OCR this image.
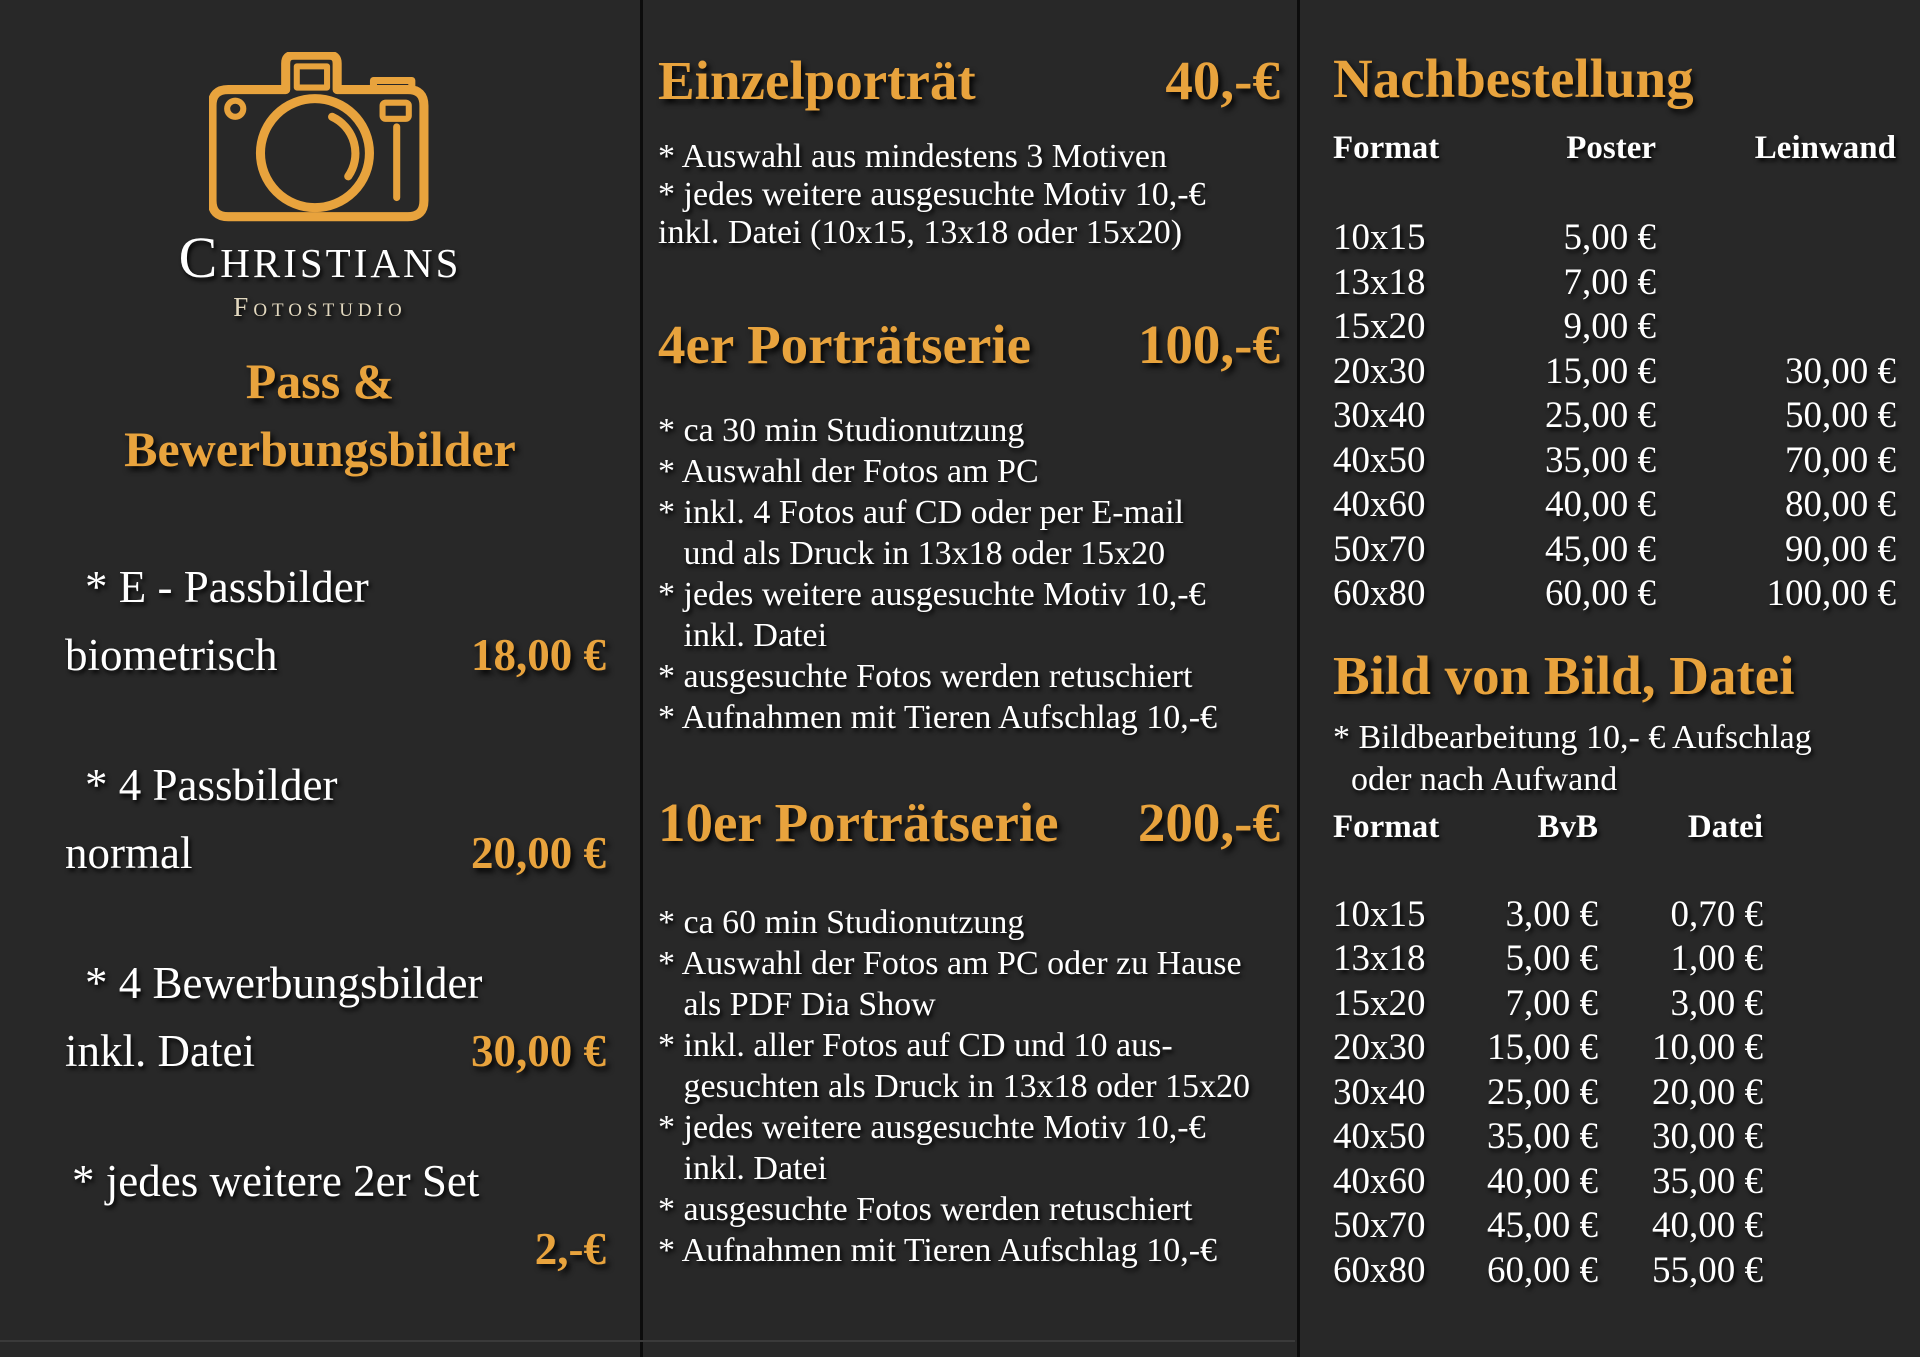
Christians
Fotostudio
Pass &
Bewerbungsbilder
* E - Passbilder
biometrisch	18,00 €
* 4 Passbilder
normal	20,00 €
* 4 Bewerbungsbilder
inkl. Datei	30,00 €
* jedes weitere 2er Set
2,-€
Einzelporträt	40,-€
* Auswahl aus mindestens 3 Motiven
* jedes weitere ausgesuchte Motiv 10,-€
inkl. Datei (10x15, 13x18 oder 15x20)
4er Porträtserie 100,-€
* ca 30 min Studionutzung
* Auswahl der Fotos am PC
* inkl. 4 Fotos auf CD oder per E-mail
und als Druck in 13x18 oder 15x20
* jedes weitere ausgesuchte Motiv 10,-€
inkl. Datei
* ausgesuchte Fotos werden retuschiert
* Aufnahmen mit Tieren Aufschlag 10,-€
10er Porträtserie 200,-€
* ca 60 min Studionutzung
* Auswahl der Fotos am PC oder zu Hause
als PDF Dia Show
* inkl. aller Fotos auf CD und 10 aus-
gesuchten als Druck in 13x18 oder 15x20
* jedes weitere ausgesuchte Motiv 10,-€
inkl. Datei
* ausgesuchte Fotos werden retuschiert
* Aufnahmen mit Tieren Aufschlag 10,-€
Nachbestellung
Format	Poster	Leinwand
10x15	5,00 €
13x18	7,00 €
15x20	9,00 €
20x30	15,00 €	30,00 €
30x40	25,00 €	50,00 €
40x50	35,00 €	70,00 €
40x60	40,00 €	80,00 €
50x70	45,00 €	90,00 €
60x80	60,00 €	100,00 €
Bild von Bild, Datei
* Bildbearbeitung 10,- € Aufschlag
oder nach Aufwand
Format	BvB	Datei
10x15	3,00 €	0,70 €
13x18	5,00 €	1,00 €
15x20	7,00 €	3,00 €
20x30	15,00 €	10,00 €
30x40	25,00 €	20,00 €
40x50	35,00 €	30,00 €
40x60	40,00 €	35,00 €
50x70	45,00 €	40,00 €
60x80	60,00 €	55,00 €
